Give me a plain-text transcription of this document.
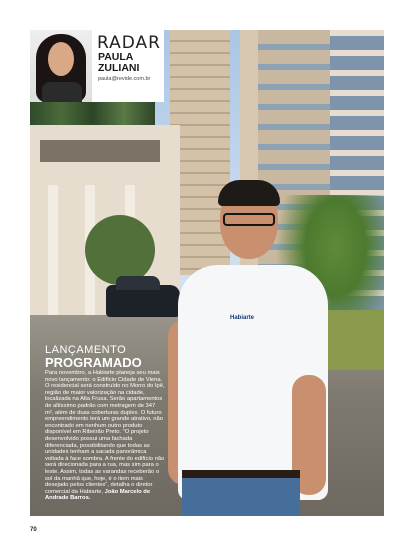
Habiarte
RADAR
PAULA
ZULIANI
paula@revide.com.br
LANÇAMENTO
PROGRAMADO
Para novembro, a Habiarte planeja seu mais novo lançamento: o Edifício Cidade de Viena. O residencial será construído no Morro do Ipê, região de maior valorização na cidade, localizada na Alta Frusa. Serão apartamentos de altíssimo padrão com metragem de 347 m², além de duas coberturas duplex. O futuro empreendimento terá um grande atrativo, não encontrado em nenhum outro produto disponível em Ribeirão Preto. "O projeto desenvolvido possui uma fachada diferenciada, possibilitando que todas as unidades tenham a sacada panorâmica voltada à face sombra. A frente do edifício não será direcionada para a rua, mas sim para o leste. Assim, todas as varandas receberão o sol da manhã que, hoje, é o item mais desejado pelos clientes", detalha o diretor comercial da Habiarte, João Marcelo de Andrade Barros.
70
